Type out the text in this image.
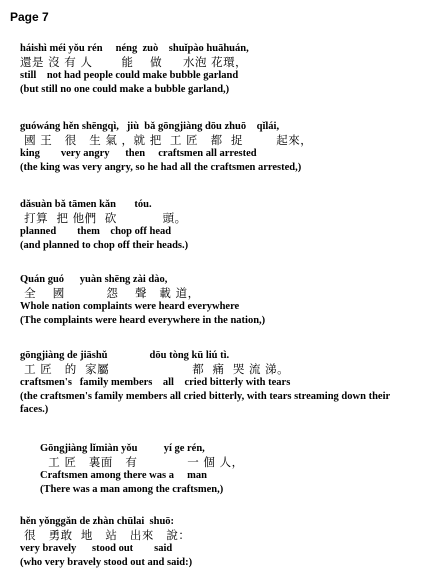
Page 7
háishì méi yǒu rén     néng  zuò    shuǐpào huāhuán,
還是 沒 有 人       能    做     水泡 花環，
still    not had people could make bubble garland
(but still no one could make a bubble garland,)
guówáng hěn shēngqì,   jiù  bǎ gōngjiàng dōu zhuō    qǐlái,
國 王   很   生 氣 ，就 把  工 匠   都  捉        起來，
king        very angry      then     craftsmen all arrested
(the king was very angry, so he had all the craftsmen arrested,)
dǎsuàn bǎ tāmen kǎn       tóu.
打算  把 他們  砍           頭。
planned        them    chop off head
(and planned to chop off their heads.)
Quán guó      yuàn shēng zài dào,
全    國          怨    聲   載 道，
Whole nation complaints were heard everywhere
(The complaints were heard everywhere in the nation,)
gōngjiàng de jiāshǔ                dōu tòng kū liú tì.
工 匠   的  家屬                    都  痛  哭 流 涕。
craftsmen's   family members    all    cried bitterly with tears
(the craftsmen's family members all cried bitterly, with tears streaming down their faces.)
Gōngjiàng lǐmiàn yǒu          yí ge rén,
工 匠   裏面   有            一 個 人，
Craftsmen among there was a     man
(There was a man among the craftsmen,)
hěn yǒnggǎn de zhàn chūlai  shuō:
很   勇敢  地   站   出來   說：
very bravely      stood out        said
(who very bravely stood out and said:)
